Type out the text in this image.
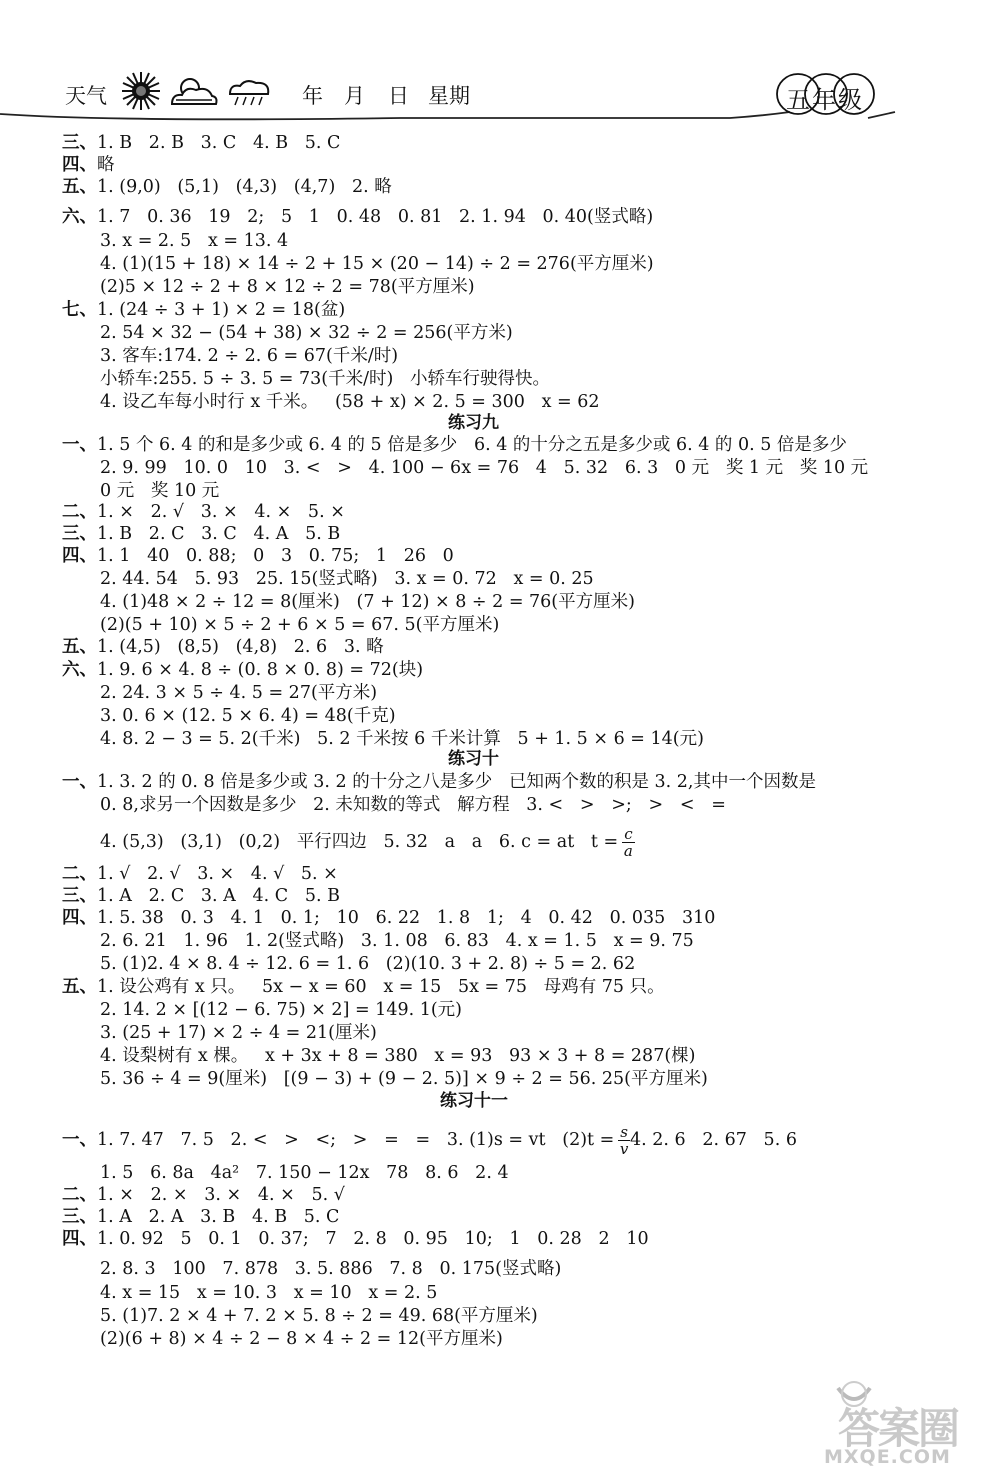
天气	年 月 日 星期	五年级
三、1. B   2. B   3. C   4. B   5. C
四、略
五、1. (9,0)   (5,1)   (4,3)   (4,7)   2. 略
六、1. 7   0. 36   19   2;   5   1   0. 48   0. 81   2. 1. 94   0. 40(竖式略)
3. x = 2. 5   x = 13. 4
4. (1)(15 + 18) × 14 ÷ 2 + 15 × (20 − 14) ÷ 2 = 276(平方厘米)
(2)5 × 12 ÷ 2 + 8 × 12 ÷ 2 = 78(平方厘米)
七、1. (24 ÷ 3 + 1) × 2 = 18(盆)
2. 54 × 32 − (54 + 38) × 32 ÷ 2 = 256(平方米)
3. 客车:174. 2 ÷ 2. 6 = 67(千米/时)
小轿车:255. 5 ÷ 3. 5 = 73(千米/时)   小轿车行驶得快。
4. 设乙车每小时行 x 千米。   (58 + x) × 2. 5 = 300   x = 62
练习九
一、1. 5 个 6. 4 的和是多少或 6. 4 的 5 倍是多少   6. 4 的十分之五是多少或 6. 4 的 0. 5 倍是多少
2. 9. 99   10. 0   10   3. <   >   4. 100 − 6x = 76   4   5. 32   6. 3   0 元   奖 1 元   奖 10 元
0 元   奖 10 元
二、1. ×   2. √   3. ×   4. ×   5. ×
三、1. B   2. C   3. C   4. A   5. B
四、1. 1   40   0. 88;   0   3   0. 75;   1   26   0
2. 44. 54   5. 93   25. 15(竖式略)   3. x = 0. 72   x = 0. 25
4. (1)48 × 2 ÷ 12 = 8(厘米)   (7 + 12) × 8 ÷ 2 = 76(平方厘米)
(2)(5 + 10) × 5 ÷ 2 + 6 × 5 = 67. 5(平方厘米)
五、1. (4,5)   (8,5)   (4,8)   2. 6   3. 略
六、1. 9. 6 × 4. 8 ÷ (0. 8 × 0. 8) = 72(块)
2. 24. 3 × 5 ÷ 4. 5 = 27(平方米)
3. 0. 6 × (12. 5 × 6. 4) = 48(千克)
4. 8. 2 − 3 = 5. 2(千米)   5. 2 千米按 6 千米计算   5 + 1. 5 × 6 = 14(元)
练习十
一、1. 3. 2 的 0. 8 倍是多少或 3. 2 的十分之八是多少   已知两个数的积是 3. 2,其中一个因数是
0. 8,求另一个因数是多少   2. 未知数的等式   解方程   3. <   >   >;   >   <   =
4. (5,3)   (3,1)   (0,2)   平行四边   5. 32   a   a   6. c = at   $t = \frac{c}{a}$
二、1. √   2. √   3. ×   4. √   5. ×
三、1. A   2. C   3. A   4. C   5. B
四、1. 5. 38   0. 3   4. 1   0. 1;   10   6. 22   1. 8   1;   4   0. 42   0. 035   310
2. 6. 21   1. 96   1. 2(竖式略)   3. 1. 08   6. 83   4. x = 1. 5   x = 9. 75
5. (1)2. 4 × 8. 4 ÷ 12. 6 = 1. 6   (2)(10. 3 + 2. 8) ÷ 5 = 2. 62
五、1. 设公鸡有 x 只。   5x − x = 60   x = 15   5x = 75   母鸡有 75 只。
2. 14. 2 × [(12 − 6. 75) × 2] = 149. 1(元)
3. (25 + 17) × 2 ÷ 4 = 21(厘米)
4. 设梨树有 x 棵。   x + 3x + 8 = 380   x = 93   93 × 3 + 8 = 287(棵)
5. 36 ÷ 4 = 9(厘米)   [(9 − 3) + (9 − 2. 5)] × 9 ÷ 2 = 56. 25(平方厘米)
练习十一
一、1. 7. 47   7. 5   2. <   >   <;   >   =   =   3. (1)s = vt   $(2)t = \frac{s}{v} 4$. 2. 6   2. 67   5. 6
1. 5   6. 8a   4a²   7. 150 − 12x   78   8. 6   2. 4
二、1. ×   2. ×   3. ×   4. ×   5. √
三、1. A   2. A   3. B   4. B   5. C
四、1. 0. 92   5   0. 1   0. 37;   7   2. 8   0. 95   10;   1   0. 28   2   10
2. 8. 3   100   7. 878   3. 5. 886   7. 8   0. 175(竖式略)
4. x = 15   x = 10. 3   x = 10   x = 2. 5
5. (1)7. 2 × 4 + 7. 2 × 5. 8 ÷ 2 = 49. 68(平方厘米)
(2)(6 + 8) × 4 ÷ 2 − 8 × 4 ÷ 2 = 12(平方厘米)
答案圈
MXQE.COM
